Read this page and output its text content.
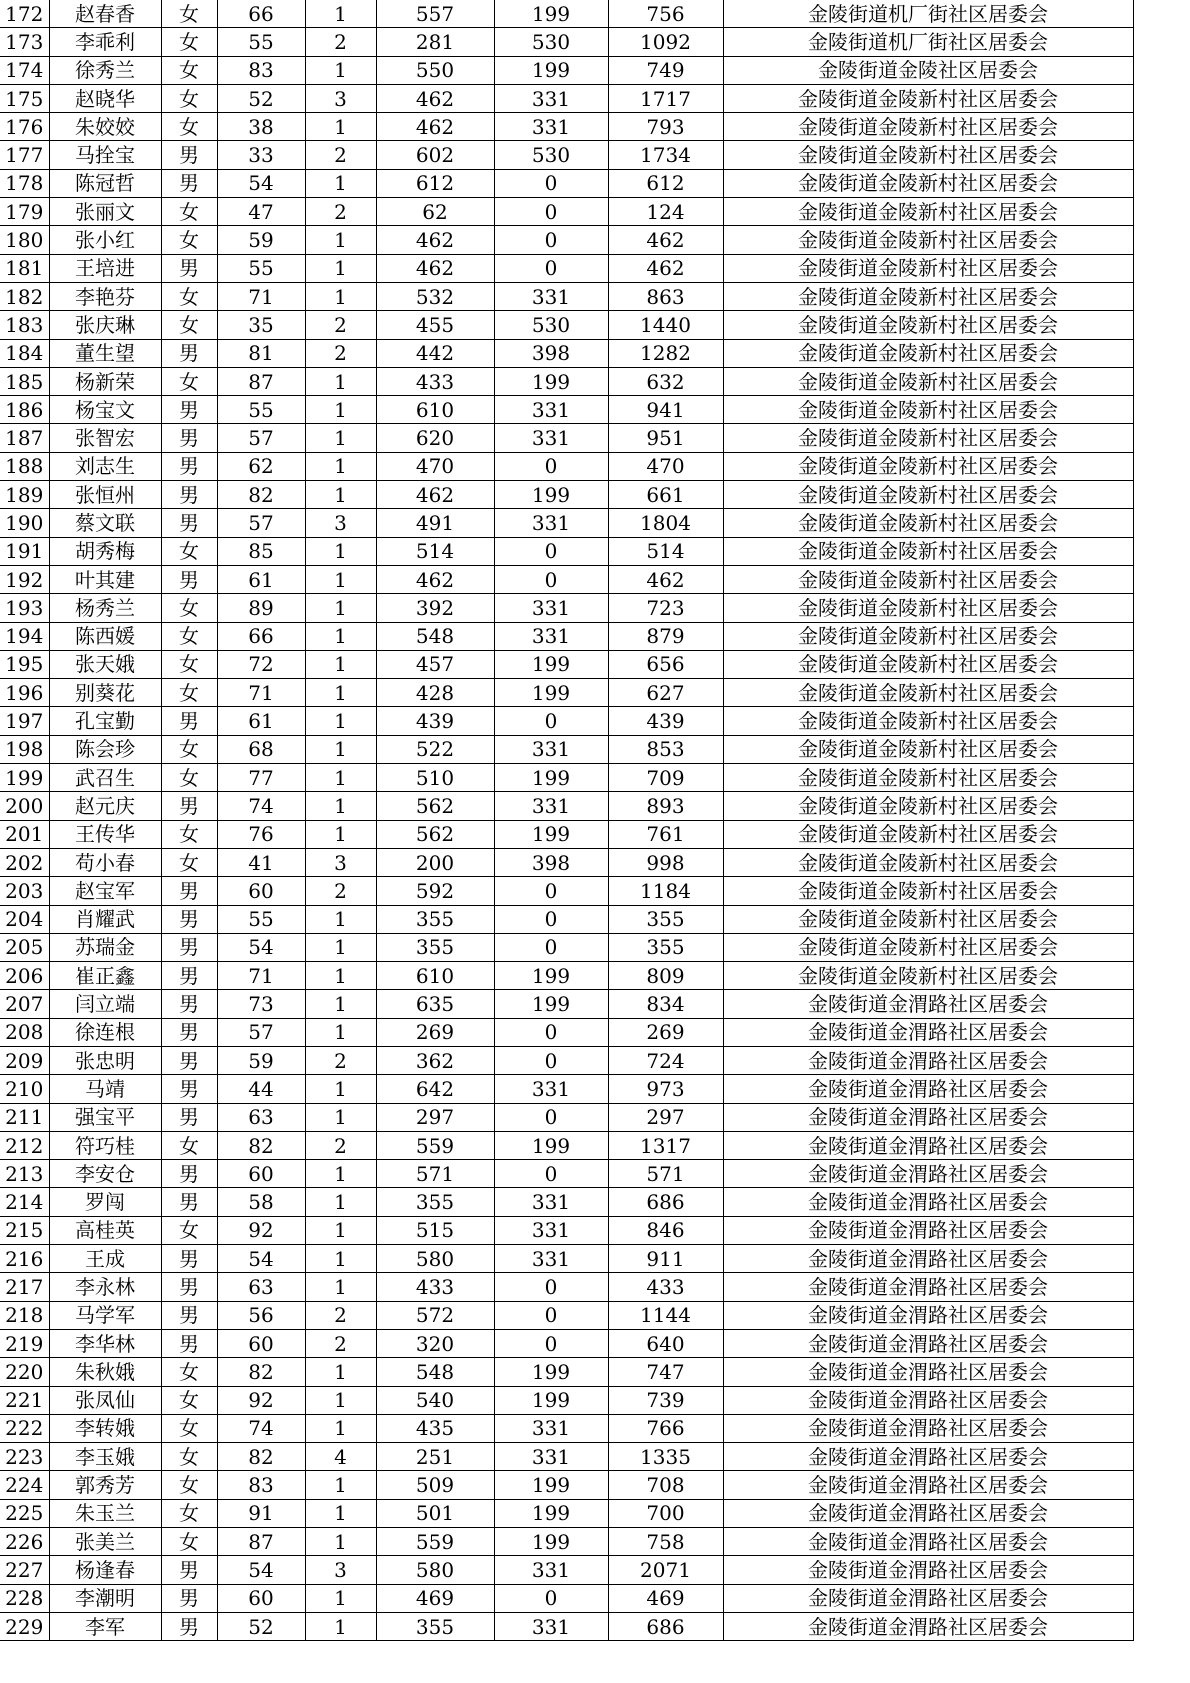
172	赵春香	女	66	1	557	199	756	金陵街道机厂街社区居委会
173	李乖利	女	55	2	281	530	1092	金陵街道机厂街社区居委会
174	徐秀兰	女	83	1	550	199	749	金陵街道金陵社区居委会
175	赵晓华	女	52	3	462	331	1717	金陵街道金陵新村社区居委会
176	朱姣姣	女	38	1	462	331	793	金陵街道金陵新村社区居委会
177	马拴宝	男	33	2	602	530	1734	金陵街道金陵新村社区居委会
178	陈冠哲	男	54	1	612	0	612	金陵街道金陵新村社区居委会
179	张丽文	女	47	2	62	0	124	金陵街道金陵新村社区居委会
180	张小红	女	59	1	462	0	462	金陵街道金陵新村社区居委会
181	王培进	男	55	1	462	0	462	金陵街道金陵新村社区居委会
182	李艳芬	女	71	1	532	331	863	金陵街道金陵新村社区居委会
183	张庆琳	女	35	2	455	530	1440	金陵街道金陵新村社区居委会
184	董生望	男	81	2	442	398	1282	金陵街道金陵新村社区居委会
185	杨新荣	女	87	1	433	199	632	金陵街道金陵新村社区居委会
186	杨宝文	男	55	1	610	331	941	金陵街道金陵新村社区居委会
187	张智宏	男	57	1	620	331	951	金陵街道金陵新村社区居委会
188	刘志生	男	62	1	470	0	470	金陵街道金陵新村社区居委会
189	张恒州	男	82	1	462	199	661	金陵街道金陵新村社区居委会
190	蔡文联	男	57	3	491	331	1804	金陵街道金陵新村社区居委会
191	胡秀梅	女	85	1	514	0	514	金陵街道金陵新村社区居委会
192	叶其建	男	61	1	462	0	462	金陵街道金陵新村社区居委会
193	杨秀兰	女	89	1	392	331	723	金陵街道金陵新村社区居委会
194	陈西媛	女	66	1	548	331	879	金陵街道金陵新村社区居委会
195	张天娥	女	72	1	457	199	656	金陵街道金陵新村社区居委会
196	别葵花	女	71	1	428	199	627	金陵街道金陵新村社区居委会
197	孔宝勤	男	61	1	439	0	439	金陵街道金陵新村社区居委会
198	陈会珍	女	68	1	522	331	853	金陵街道金陵新村社区居委会
199	武召生	女	77	1	510	199	709	金陵街道金陵新村社区居委会
200	赵元庆	男	74	1	562	331	893	金陵街道金陵新村社区居委会
201	王传华	女	76	1	562	199	761	金陵街道金陵新村社区居委会
202	苟小春	女	41	3	200	398	998	金陵街道金陵新村社区居委会
203	赵宝军	男	60	2	592	0	1184	金陵街道金陵新村社区居委会
204	肖耀武	男	55	1	355	0	355	金陵街道金陵新村社区居委会
205	苏瑞金	男	54	1	355	0	355	金陵街道金陵新村社区居委会
206	崔正鑫	男	71	1	610	199	809	金陵街道金陵新村社区居委会
207	闫立端	男	73	1	635	199	834	金陵街道金渭路社区居委会
208	徐连根	男	57	1	269	0	269	金陵街道金渭路社区居委会
209	张忠明	男	59	2	362	0	724	金陵街道金渭路社区居委会
210	马靖	男	44	1	642	331	973	金陵街道金渭路社区居委会
211	强宝平	男	63	1	297	0	297	金陵街道金渭路社区居委会
212	符巧桂	女	82	2	559	199	1317	金陵街道金渭路社区居委会
213	李安仓	男	60	1	571	0	571	金陵街道金渭路社区居委会
214	罗闯	男	58	1	355	331	686	金陵街道金渭路社区居委会
215	高桂英	女	92	1	515	331	846	金陵街道金渭路社区居委会
216	王成	男	54	1	580	331	911	金陵街道金渭路社区居委会
217	李永林	男	63	1	433	0	433	金陵街道金渭路社区居委会
218	马学军	男	56	2	572	0	1144	金陵街道金渭路社区居委会
219	李华林	男	60	2	320	0	640	金陵街道金渭路社区居委会
220	朱秋娥	女	82	1	548	199	747	金陵街道金渭路社区居委会
221	张凤仙	女	92	1	540	199	739	金陵街道金渭路社区居委会
222	李转娥	女	74	1	435	331	766	金陵街道金渭路社区居委会
223	李玉娥	女	82	4	251	331	1335	金陵街道金渭路社区居委会
224	郭秀芳	女	83	1	509	199	708	金陵街道金渭路社区居委会
225	朱玉兰	女	91	1	501	199	700	金陵街道金渭路社区居委会
226	张美兰	女	87	1	559	199	758	金陵街道金渭路社区居委会
227	杨逢春	男	54	3	580	331	2071	金陵街道金渭路社区居委会
228	李潮明	男	60	1	469	0	469	金陵街道金渭路社区居委会
229	李军	男	52	1	355	331	686	金陵街道金渭路社区居委会
